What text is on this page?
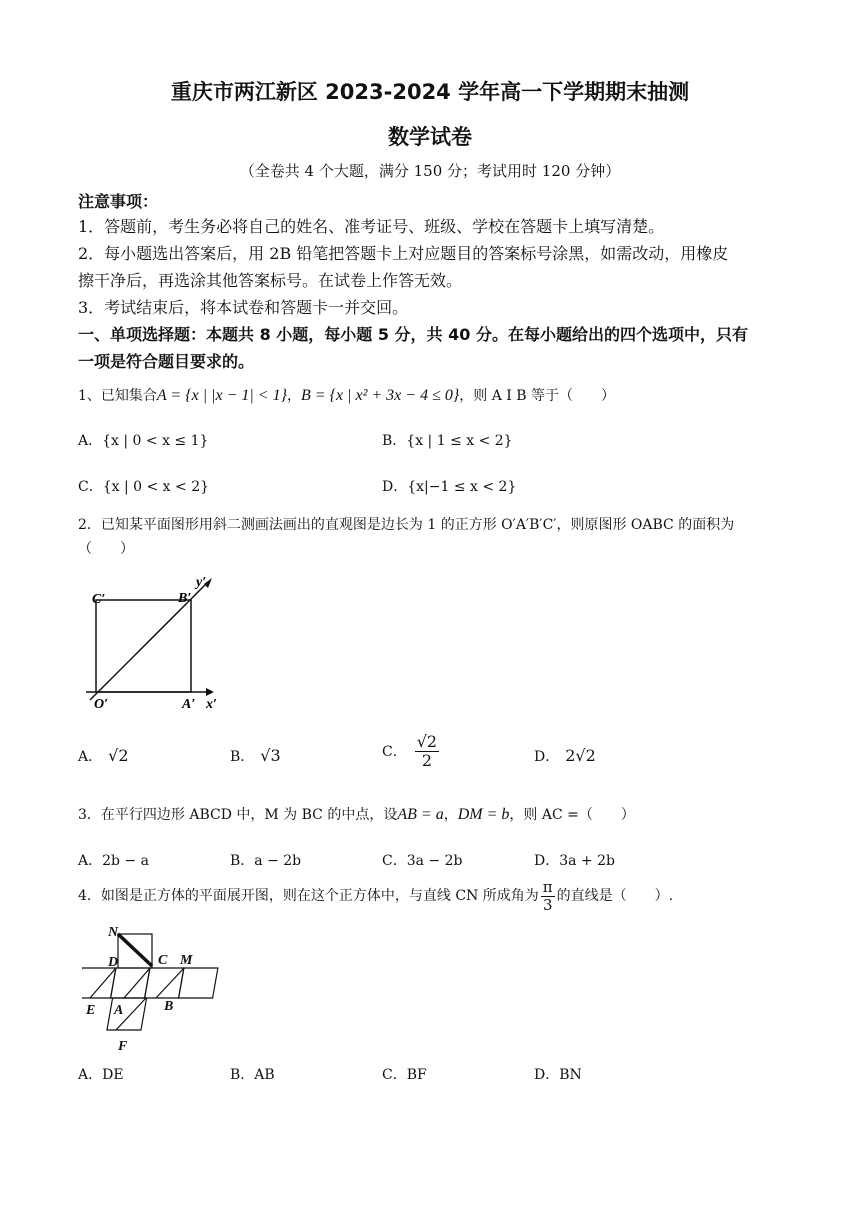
重庆市两江新区 2023-2024 学年高一下学期期末抽测
数学试卷
（全卷共 4 个大题，满分 150 分；考试用时 120 分钟）
注意事项：
1．答题前，考生务必将自己的姓名、准考证号、班级、学校在答题卡上填写清楚。
2．每小题选出答案后，用 2B 铅笔把答题卡上对应题目的答案标号涂黑，如需改动，用橡皮
擦干净后，再选涂其他答案标号。在试卷上作答无效。
3．考试结束后，将本试卷和答题卡一并交回。
一、单项选择题：本题共 8 小题，每小题 5 分，共 40 分。在每小题给出的四个选项中，只有
一项是符合题目要求的。
1、已知集合A = {x | |x − 1| < 1}，B = {x | x² + 3x − 4 ≤ 0}，则 A I B 等于（　　）
A．{x | 0 < x ≤ 1}	B．{x | 1 ≤ x < 2}
C．{x | 0 < x < 2}	D．{x|−1 ≤ x < 2}
2．已知某平面图形用斜二测画法画出的直观图是边长为 1 的正方形 O′A′B′C′，则原图形 OABC 的面积为
（　　）
C′	B′
y′
O′	A′ x′
A． √2	B． √3	C． $\frac{√2}{2}$	D． 2√2
3．在平行四边形 ABCD 中，M 为 BC 的中点，设AB = a，DM = b，则 AC =（　　）
A．2b − a	B．a − 2b	C．3a − 2b	D．3a + 2b
4．如图是正方体的平面展开图，则在这个正方体中，与直线 CN 所成角为 $\frac{\pi}{3}$ 的直线是（　　）.
N
D	C M
E A	B
F
A．DE	B．AB	C．BF	D．BN
